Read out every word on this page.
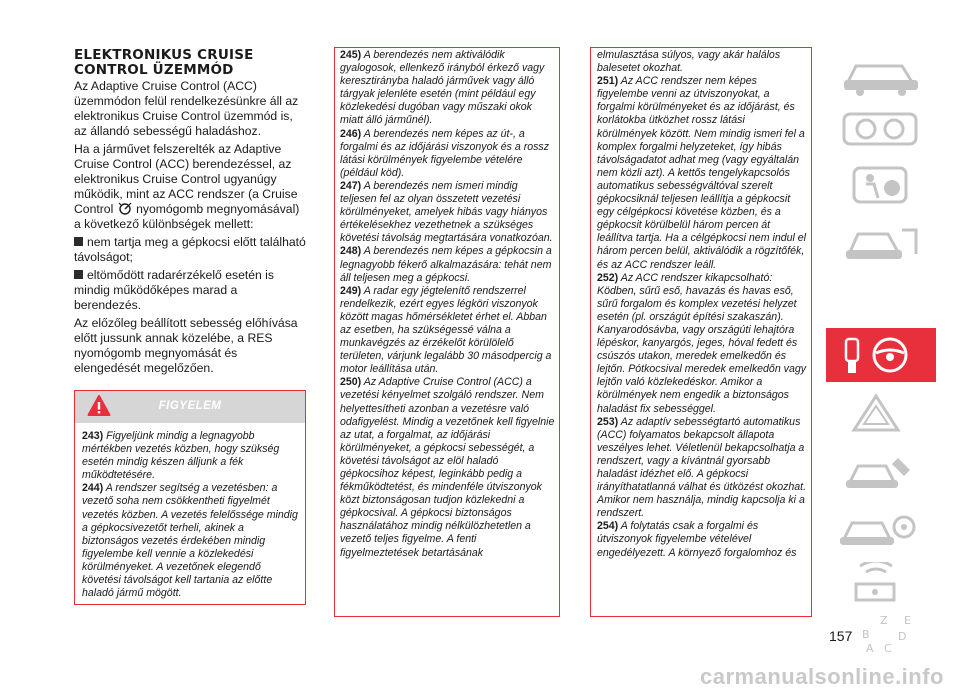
ELEKTRONIKUS CRUISE
CONTROL ÜZEMMÓD

Az Adaptive Cruise Control (ACC) üzemmódon felül rendelkezésünkre áll az elektronikus Cruise Control üzemmód is, az állandó sebességű haladáshoz.

Ha a járművet felszerelték az Adaptive Cruise Control (ACC) berendezéssel, az elektronikus Cruise Control ugyanúgy működik, mint az ACC rendszer (a Cruise Control nyomógomb megnyomásával) a következő különbségek mellett:

nem tartja meg a gépkocsi előtt található távolságot;

eltömődött radarérzékelő esetén is mindig működőképes marad a berendezés.

Az előzőleg beállított sebesség előhívása előtt jussunk annak közelébe, a RES nyomógomb megnyomását és elengedését megelőzően.

FIGYELEM

243) Figyeljünk mindig a legnagyobb mértékben vezetés közben, hogy szükség esetén mindig készen álljunk a fék működtetésére.

244) A rendszer segítség a vezetésben: a vezető soha nem csökkentheti figyelmét vezetés közben. A vezetés felelőssége mindig a gépkocsivezetőt terheli, akinek a biztonságos vezetés érdekében mindig figyelembe kell vennie a közlekedési körülményeket. A vezetőnek elegendő követési távolságot kell tartania az előtte haladó jármű mögött.

245) A berendezés nem aktiválódik gyalogosok, ellenkező irányból érkező vagy keresztirányba haladó járművek vagy álló tárgyak jelenléte esetén (mint például egy közlekedési dugóban vagy műszaki okok miatt álló járműnél).

246) A berendezés nem képes az út-, a forgalmi és az időjárási viszonyok és a rossz látási körülmények figyelembe vételére (például köd).

247) A berendezés nem ismeri mindig teljesen fel az olyan összetett vezetési körülményeket, amelyek hibás vagy hiányos értékelésekhez vezethetnek a szükséges követési távolság megtartására vonatkozóan.

248) A berendezés nem képes a gépkocsin a legnagyobb fékerő alkalmazására: tehát nem áll teljesen meg a gépkocsi.

249) A radar egy jégtelenítő rendszerrel rendelkezik, ezért egyes légköri viszonyok között magas hőmérsékletet érhet el. Abban az esetben, ha szükségessé válna a munkavégzés az érzékelőt körülölelő területen, várjunk legalább 30 másodpercig a motor leállítása után.

250) Az Adaptive Cruise Control (ACC) a vezetési kényelmet szolgáló rendszer. Nem helyettesítheti azonban a vezetésre való odafigyelést. Mindig a vezetőnek kell figyelnie az utat, a forgalmat, az időjárási körülményeket, a gépkocsi sebességét, a követési távolságot az elöl haladó gépkocsihoz képest, leginkább pedig a fékműködtetést, és mindenféle útviszonyok közt biztonságosan tudjon közlekedni a gépkocsival. A gépkocsi biztonságos használatához mindig nélkülözhetetlen a vezető teljes figyelme. A fenti figyelmeztetések betartásának

elmulasztása súlyos, vagy akár halálos balesetet okozhat.

251) Az ACC rendszer nem képes figyelembe venni az útviszonyokat, a forgalmi körülményeket és az időjárást, és korlátokba ütközhet rossz látási körülmények között. Nem mindig ismeri fel a komplex forgalmi helyzeteket, így hibás távolságadatot adhat meg (vagy egyáltalán nem közli azt). A kettős tengelykapcsolós automatikus sebességváltóval szerelt gépkocsiknál teljesen leállítja a gépkocsit egy célgépkocsi követése közben, és a gépkocsit körülbelül három percen át leállítva tartja. Ha a célgépkocsi nem indul el három percen belül, aktiválódik a rögzítőfék, és az ACC rendszer leáll.

252) Az ACC rendszer kikapcsolható: Ködben, sűrű eső, havazás és havas eső, sűrű forgalom és komplex vezetési helyzet esetén (pl. országút építési szakaszán). Kanyarodósávba, vagy országúti lehajtóra lépéskor, kanyargós, jeges, hóval fedett és csúszós utakon, meredek emelkedőn és lejtőn. Pótkocsival meredek emelkedőn vagy lejtőn való közlekedéskor. Amikor a körülmények nem engedik a biztonságos haladást fix sebességgel.

253) Az adaptív sebességtartó automatikus (ACC) folyamatos bekapcsolt állapota veszélyes lehet. Véletlenül bekapcsolhatja a rendszert, vagy a kívántnál gyorsabb haladást idézhet elő. A gépkocsi irányíthatatlanná válhat és ütközést okozhat. Amikor nem használja, mindig kapcsolja ki a rendszert.

254) A folytatás csak a forgalmi és útviszonyok figyelembe vételével engedélyezett. A környező forgalomhoz és

Z E
B	D
A C
157
carmanualsonline.info
